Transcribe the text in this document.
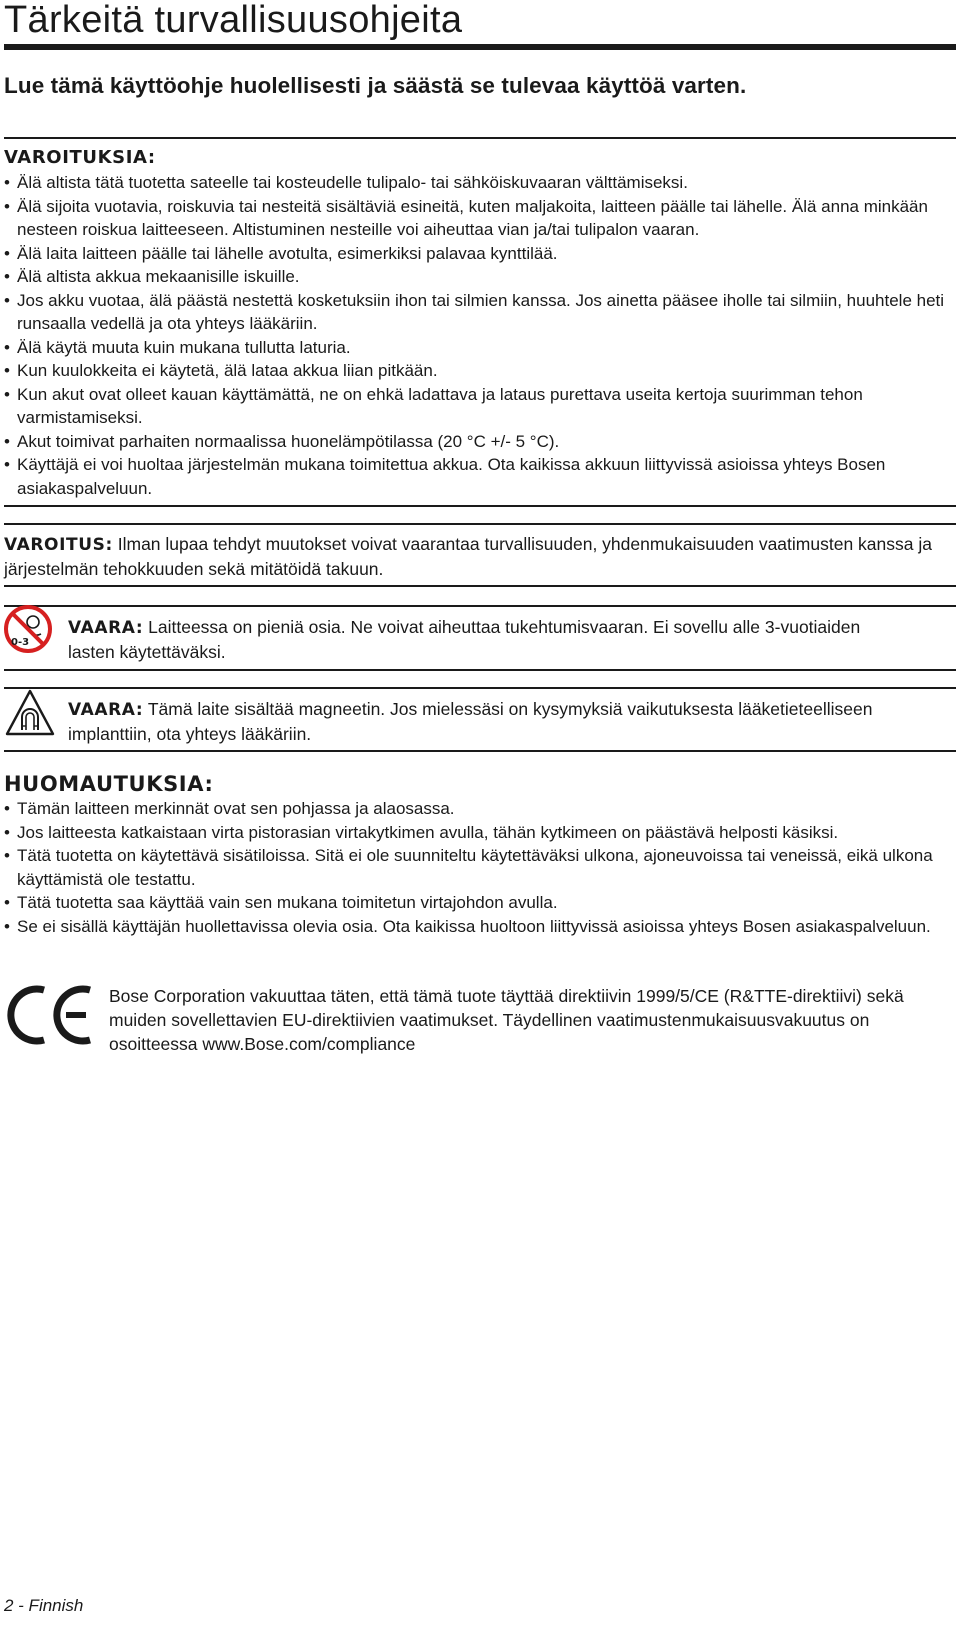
Tärkeitä turvallisuusohjeita
Lue tämä käyttöohje huolellisesti ja säästä se tulevaa käyttöä varten.
VAROITUKSIA:
• Älä altista tätä tuotetta sateelle tai kosteudelle tulipalo- tai sähköiskuvaaran välttämiseksi.
• Älä sijoita vuotavia, roiskuvia tai nesteitä sisältäviä esineitä, kuten maljakoita, laitteen päälle tai lähelle. Älä anna minkään nesteen roiskua laitteeseen. Altistuminen nesteille voi aiheuttaa vian ja/tai tulipalon vaaran.
• Älä laita laitteen päälle tai lähelle avotulta, esimerkiksi palavaa kynttilää.
• Älä altista akkua mekaanisille iskuille.
• Jos akku vuotaa, älä päästä nestettä kosketuksiin ihon tai silmien kanssa. Jos ainetta pääsee iholle tai silmiin, huuhtele heti runsaalla vedellä ja ota yhteys lääkäriin.
• Älä käytä muuta kuin mukana tullutta laturia.
• Kun kuulokkeita ei käytetä, älä lataa akkua liian pitkään.
• Kun akut ovat olleet kauan käyttämättä, ne on ehkä ladattava ja lataus purettava useita kertoja suurimman tehon varmistamiseksi.
• Akut toimivat parhaiten normaalissa huonelämpötilassa (20 °C +/- 5 °C).
• Käyttäjä ei voi huoltaa järjestelmän mukana toimitettua akkua. Ota kaikissa akkuun liittyvissä asioissa yhteys Bosen asiakaspalveluun.

VAROITUS: Ilman lupaa tehdyt muutokset voivat vaarantaa turvallisuuden, yhdenmukaisuuden vaatimusten kanssa ja järjestelmän tehokkuuden sekä mitätöidä takuun.

0-3

VAARA: Laitteessa on pieniä osia. Ne voivat aiheuttaa tukehtumisvaaran. Ei sovellu alle 3-vuotiaiden lasten käytettäväksi.

VAARA: Tämä laite sisältää magneetin. Jos mielessäsi on kysymyksiä vaikutuksesta lääketieteelliseen implanttiin, ota yhteys lääkäriin.

HUOMAUTUKSIA:
• Tämän laitteen merkinnät ovat sen pohjassa ja alaosassa.
• Jos laitteesta katkaistaan virta pistorasian virtakytkimen avulla, tähän kytkimeen on päästävä helposti käsiksi.
• Tätä tuotetta on käytettävä sisätiloissa. Sitä ei ole suunniteltu käytettäväksi ulkona, ajoneuvoissa tai veneissä, eikä ulkona käyttämistä ole testattu.
• Tätä tuotetta saa käyttää vain sen mukana toimitetun virtajohdon avulla.
• Se ei sisällä käyttäjän huollettavissa olevia osia. Ota kaikissa huoltoon liittyvissä asioissa yhteys Bosen asiakaspalveluun.

Bose Corporation vakuuttaa täten, että tämä tuote täyttää direktiivin 1999/5/CE (R&TTE-direktiivi) sekä muiden sovellettavien EU-direktiivien vaatimukset. Täydellinen vaatimustenmukaisuusvakuutus on osoitteessa www.Bose.com/compliance

2 - Finnish
